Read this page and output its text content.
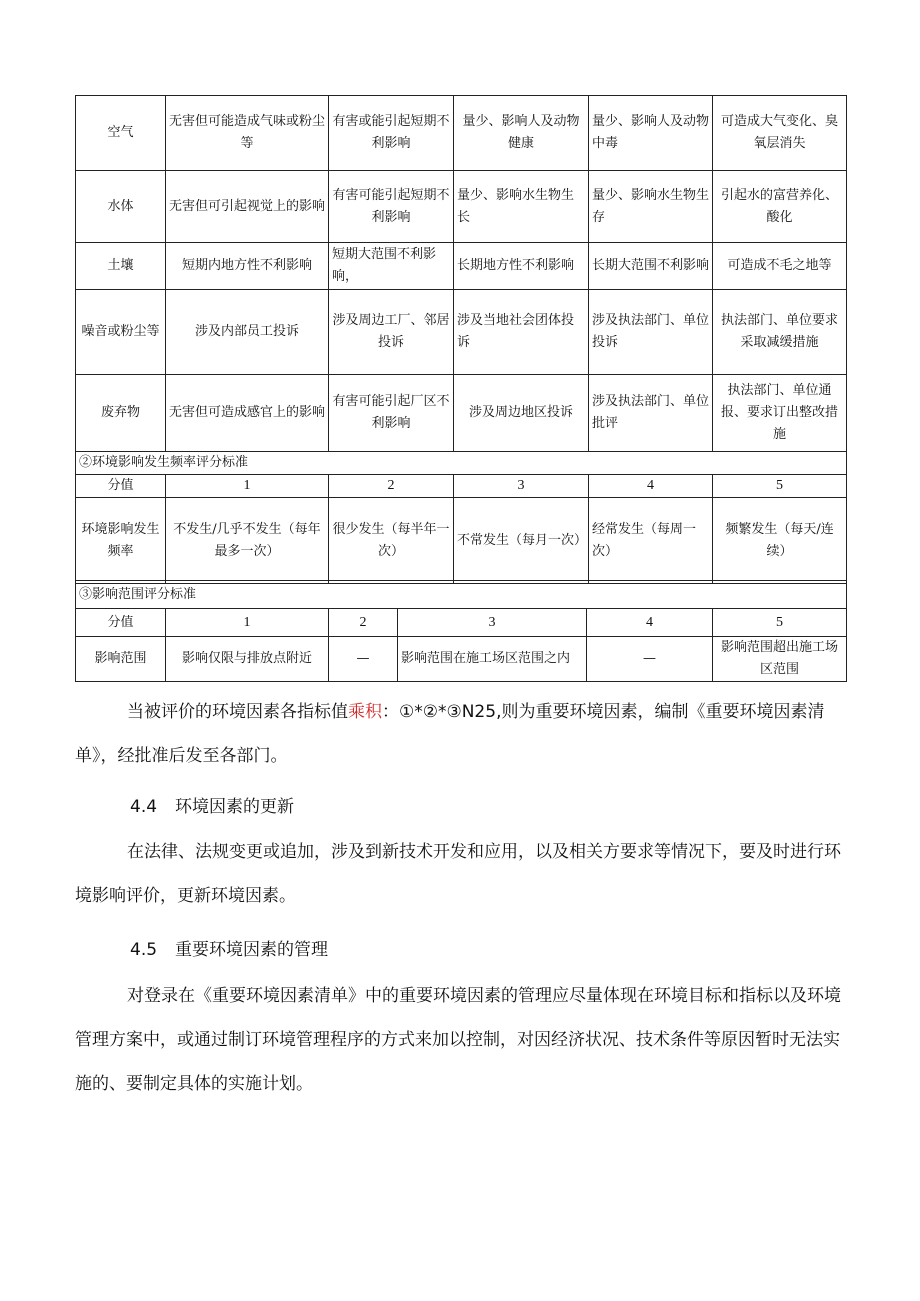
空气	无害但可能造成气味或粉尘等	有害或能引起短期不利影响	量少、影响人及动物健康	量少、影响人及动物中毒	可造成大气变化、臭氧层消失
水体	无害但可引起视觉上的影响	有害可能引起短期不利影响	量少、影响水生物生长	量少、影响水生物生存	引起水的富营养化、酸化
土壤	短期内地方性不利影响	短期大范围不利影响，	长期地方性不利影响	长期大范围不利影响	可造成不毛之地等
噪音或粉尘等	涉及内部员工投诉	涉及周边工厂、邻居投诉	涉及当地社会团体投诉	涉及执法部门、单位投诉	执法部门、单位要求采取减缓措施
废弃物	无害但可造成感官上的影响	有害可能引起厂区不利影响	涉及周边地区投诉	涉及执法部门、单位批评	执法部门、单位通报、要求订出整改措施
②环境影响发生频率评分标准					
分值	1	2	3	4	5
环境影响发生频率	不发生/几乎不发生（每年最多一次）	很少发生（每半年一次）	不常发生（每月一次）	经常发生（每周一次）	频繁发生（每天/连续）
③影响范围评分标准					
分值	1	2	3	4	5
影响范围	影响仅限与排放点附近	—	影响范围在施工场区范围之内	—	影响范围超出施工场区范围
当被评价的环境因素各指标值乘积：①*②*③N25,则为重要环境因素，编制《重要环境因素清单》，经批准后发至各部门。
4.4 环境因素的更新
在法律、法规变更或追加，涉及到新技术开发和应用，以及相关方要求等情况下，要及时进行环境影响评价，更新环境因素。
4.5 重要环境因素的管理
对登录在《重要环境因素清单》中的重要环境因素的管理应尽量体现在环境目标和指标以及环境管理方案中，或通过制订环境管理程序的方式来加以控制，对因经济状况、技术条件等原因暂时无法实施的、要制定具体的实施计划。
